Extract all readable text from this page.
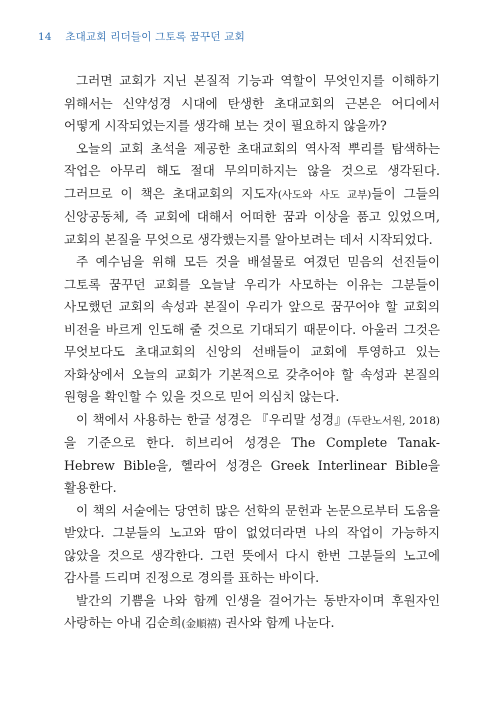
14 초대교회 리더들이 그토록 꿈꾸던 교회

그러면 교회가 지닌 본질적 기능과 역할이 무엇인지를 이해하기 위해서는 신약성경 시대에 탄생한 초대교회의 근본은 어디에서 어떻게 시작되었는지를 생각해 보는 것이 필요하지 않을까?

오늘의 교회 초석을 제공한 초대교회의 역사적 뿌리를 탐색하는 작업은 아무리 해도 절대 무의미하지는 않을 것으로 생각된다. 그러므로 이 책은 초대교회의 지도자(사도와 사도 교부)들이 그들의 신앙공동체, 즉 교회에 대해서 어떠한 꿈과 이상을 품고 있었으며, 교회의 본질을 무엇으로 생각했는지를 알아보려는 데서 시작되었다.

주 예수님을 위해 모든 것을 배설물로 여겼던 믿음의 선진들이 그토록 꿈꾸던 교회를 오늘날 우리가 사모하는 이유는 그분들이 사모했던 교회의 속성과 본질이 우리가 앞으로 꿈꾸어야 할 교회의 비전을 바르게 인도해 줄 것으로 기대되기 때문이다. 아울러 그것은 무엇보다도 초대교회의 신앙의 선배들이 교회에 투영하고 있는 자화상에서 오늘의 교회가 기본적으로 갖추어야 할 속성과 본질의 원형을 확인할 수 있을 것으로 믿어 의심치 않는다.

이 책에서 사용하는 한글 성경은 『우리말 성경』(두란노서원, 2018)을 기준으로 한다. 히브리어 성경은 The Complete Tanak-Hebrew Bible을, 헬라어 성경은 Greek Interlinear Bible을 활용한다.

이 책의 서술에는 당연히 많은 선학의 문헌과 논문으로부터 도움을 받았다. 그분들의 노고와 땀이 없었더라면 나의 작업이 가능하지 않았을 것으로 생각한다. 그런 뜻에서 다시 한번 그분들의 노고에 감사를 드리며 진정으로 경의를 표하는 바이다.

발간의 기쁨을 나와 함께 인생을 걸어가는 동반자이며 후원자인 사랑하는 아내 김순희(金順禧) 권사와 함께 나눈다.
